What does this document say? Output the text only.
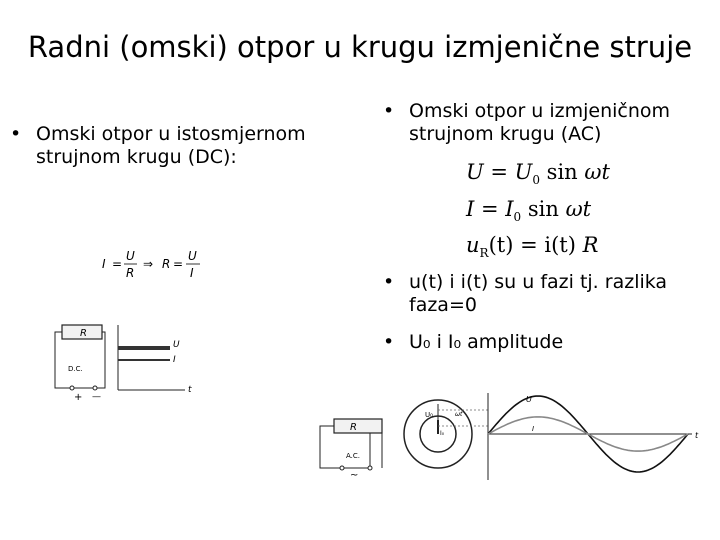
Radni (omski) otpor u krugu izmjenične struje
• Omski otpor u istosmjernom strujnom krugu (DC):
• Omski otpor u izmjeničnom strujnom krugu (AC)
$U = U_0$ sin ωt
$I = I_0$ sin ωt
$u_R(t) = i(t)$ R
• u(t) i i(t) su u fazi tj. razlika faza=0
• U₀ i I₀ amplitude
I =
U
R
⇒ R =
U
I
R
D.C.
+ —
U
I
t
R
A.C.
~
U₀
I₀
ωt
U
I
t
